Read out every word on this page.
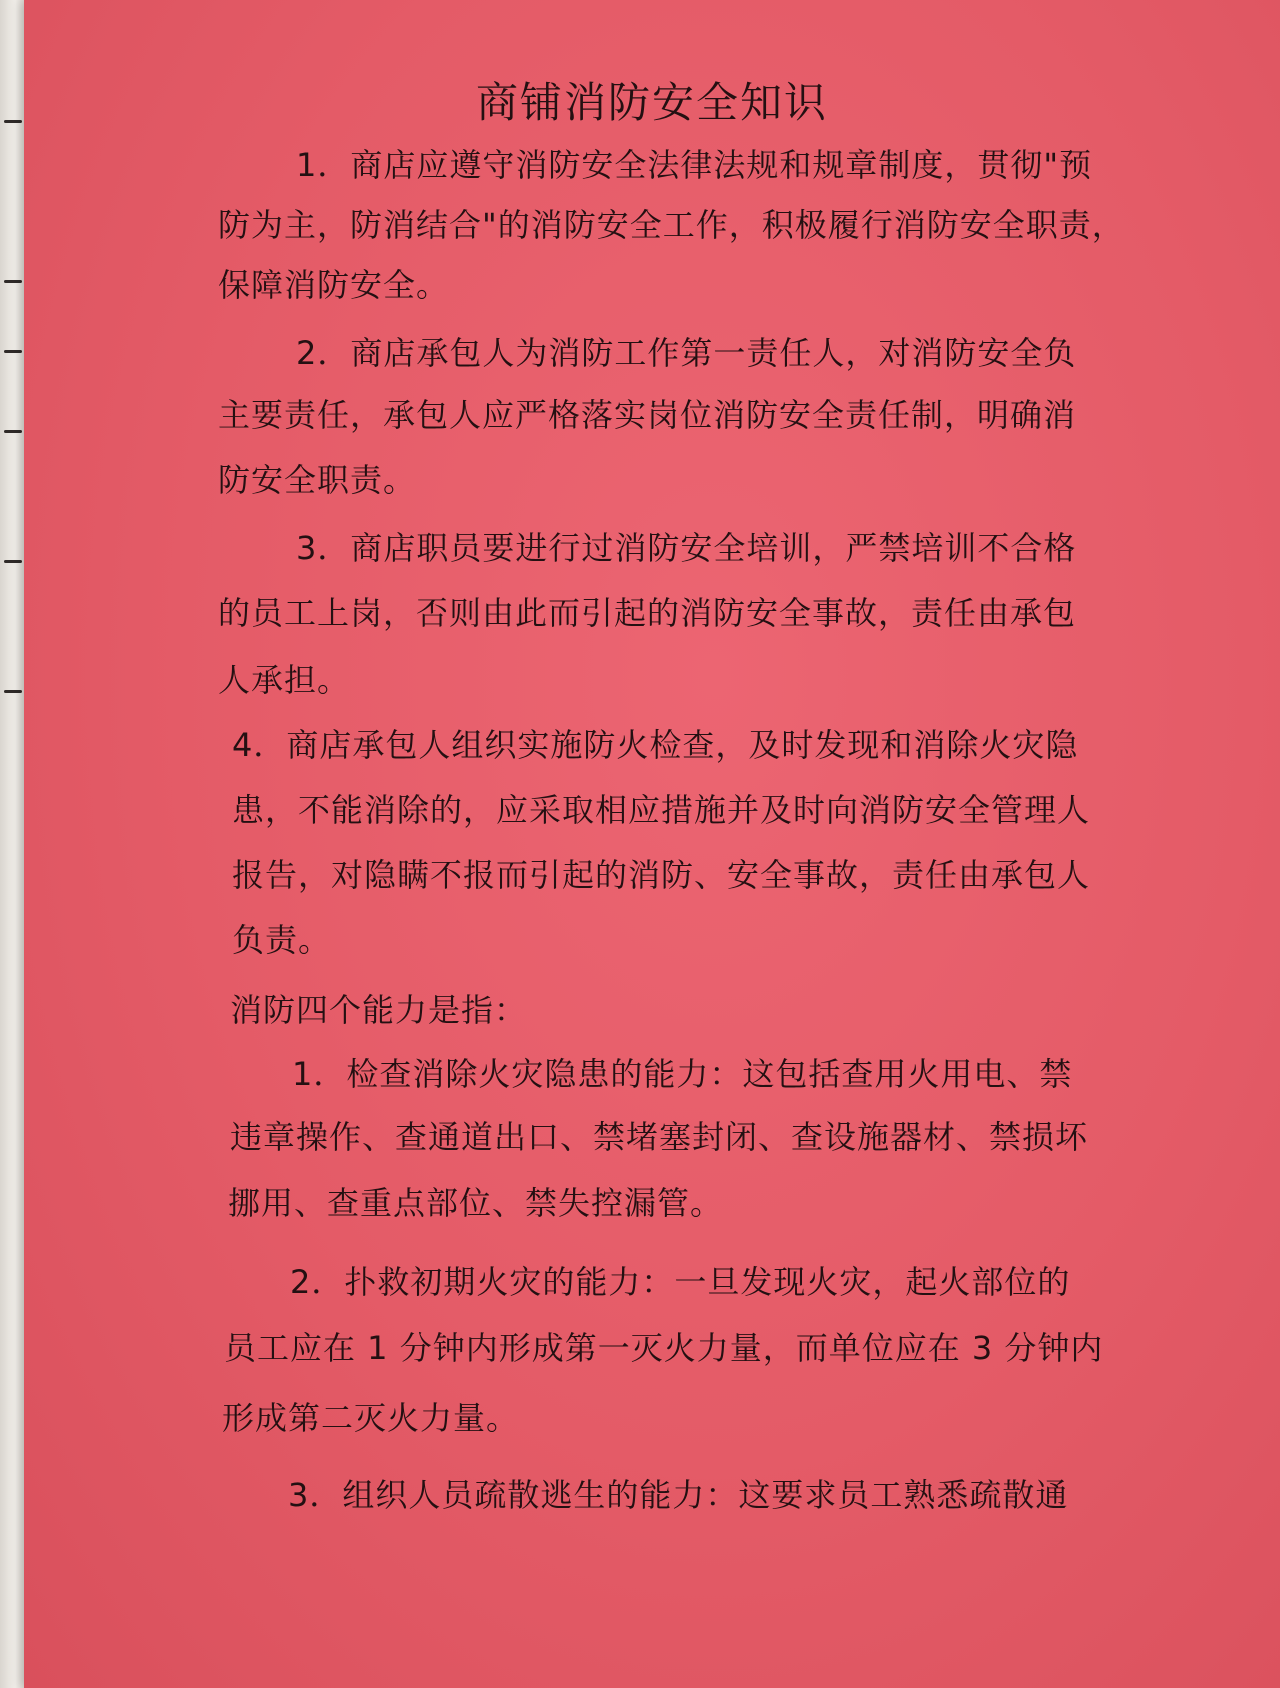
商铺消防安全知识
1．商店应遵守消防安全法律法规和规章制度，贯彻"预
防为主，防消结合"的消防安全工作，积极履行消防安全职责，
保障消防安全。
2．商店承包人为消防工作第一责任人，对消防安全负
主要责任，承包人应严格落实岗位消防安全责任制，明确消
防安全职责。
3．商店职员要进行过消防安全培训，严禁培训不合格
的员工上岗，否则由此而引起的消防安全事故，责任由承包
人承担。
4．商店承包人组织实施防火检查，及时发现和消除火灾隐
患，不能消除的，应采取相应措施并及时向消防安全管理人
报告，对隐瞒不报而引起的消防、安全事故，责任由承包人
负责。
消防四个能力是指：
1．检查消除火灾隐患的能力：这包括查用火用电、禁
违章操作、查通道出口、禁堵塞封闭、查设施器材、禁损坏
挪用、查重点部位、禁失控漏管。
2．扑救初期火灾的能力：一旦发现火灾，起火部位的
员工应在 1 分钟内形成第一灭火力量，而单位应在 3 分钟内
形成第二灭火力量。
3．组织人员疏散逃生的能力：这要求员工熟悉疏散通
